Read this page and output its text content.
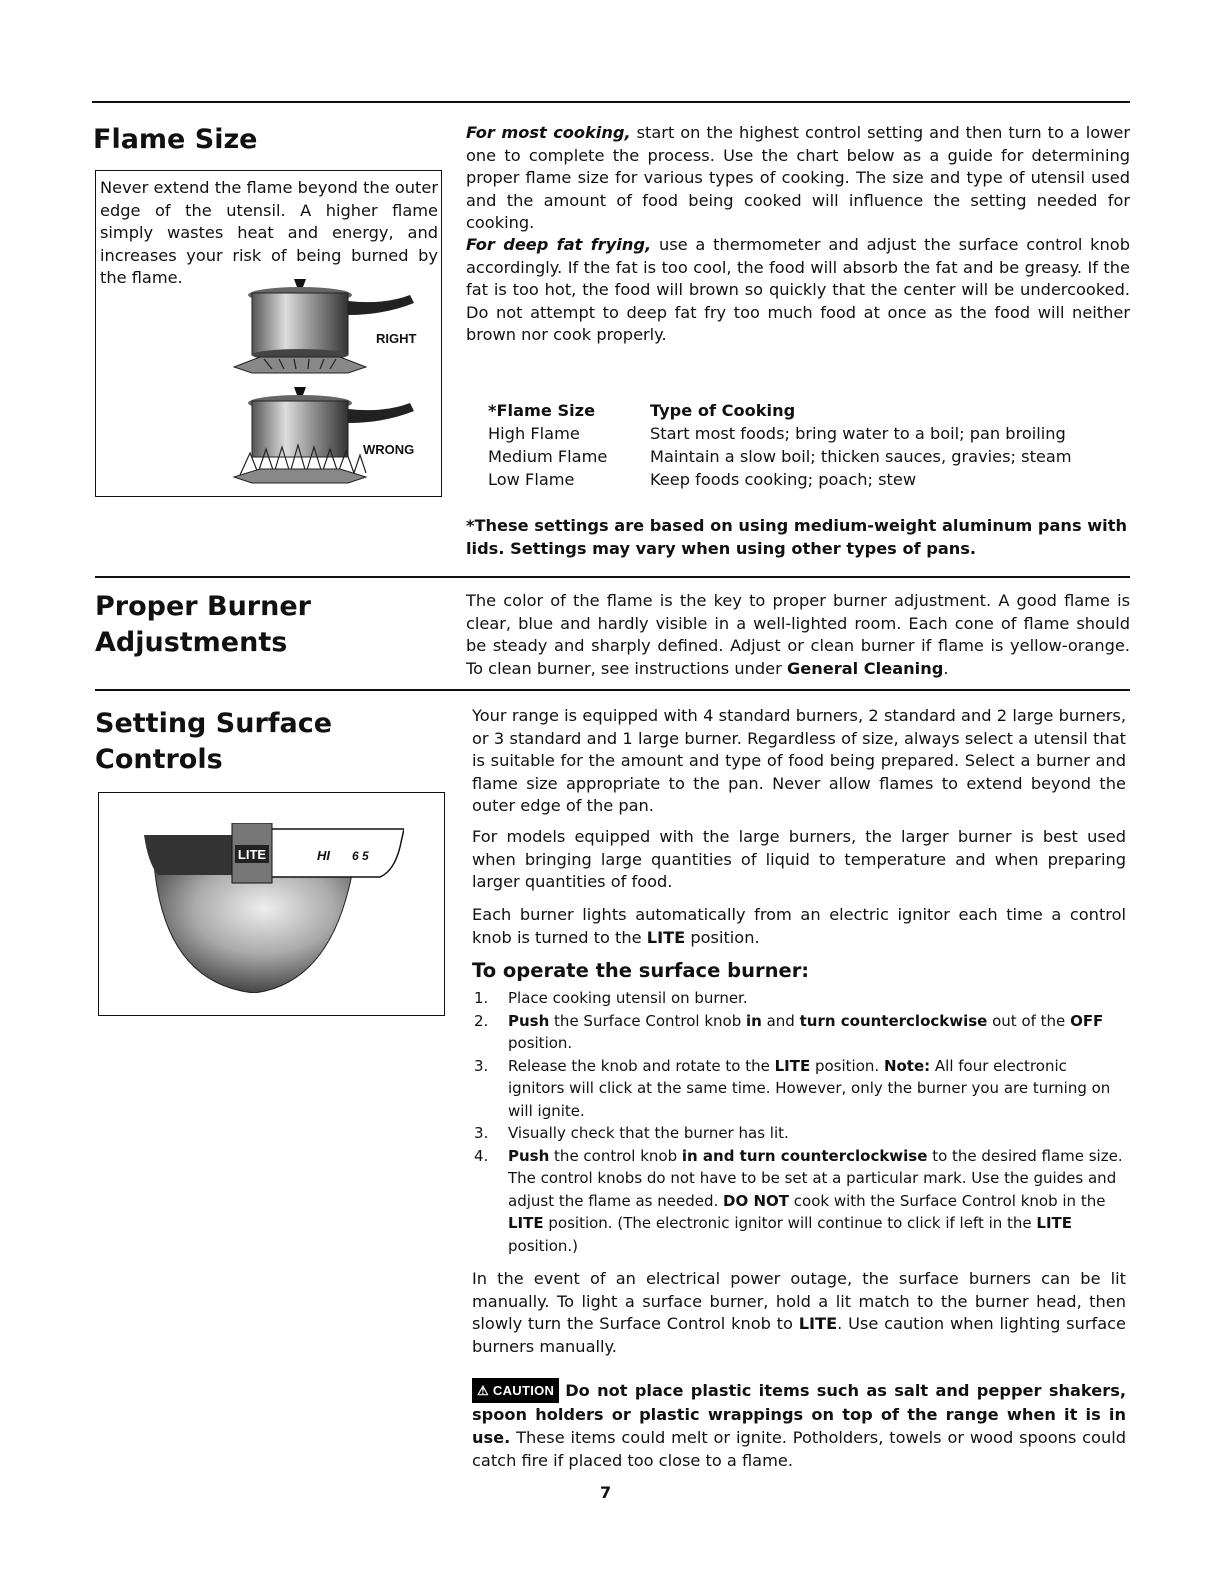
Flame Size
Never extend the flame beyond the outer edge of the utensil. A higher flame simply wastes heat and energy, and increases your risk of being burned by the flame.
RIGHT
WRONG

For most cooking, start on the highest control setting and then turn to a lower one to complete the process. Use the chart below as a guide for determining proper flame size for various types of cooking. The size and type of utensil used and the amount of food being cooked will influence the setting needed for cooking.

For deep fat frying, use a thermometer and adjust the surface control knob accordingly. If the fat is too cool, the food will absorb the fat and be greasy. If the fat is too hot, the food will brown so quickly that the center will be undercooked. Do not attempt to deep fat fry too much food at once as the food will neither brown nor cook properly.

*Flame Size	Type of Cooking
High Flame	Start most foods; bring water to a boil; pan broiling
Medium Flame	Maintain a slow boil; thicken sauces, gravies; steam
Low Flame	Keep foods cooking; poach; stew
*These settings are based on using medium-weight aluminum pans with lids. Settings may vary when using other types of pans.
Proper Burner
Adjustments

The color of the flame is the key to proper burner adjustment. A good flame is clear, blue and hardly visible in a well-lighted room. Each cone of flame should be steady and sharply defined. Adjust or clean burner if flame is yellow-orange. To clean burner, see instructions under General Cleaning.

Setting Surface
Controls
LITE	HI 6 5

Your range is equipped with 4 standard burners, 2 standard and 2 large burners, or 3 standard and 1 large burner. Regardless of size, always select a utensil that is suitable for the amount and type of food being prepared. Select a burner and flame size appropriate to the pan. Never allow flames to extend beyond the outer edge of the pan.

For models equipped with the large burners, the larger burner is best used when bringing large quantities of liquid to temperature and when preparing larger quantities of food.

Each burner lights automatically from an electric ignitor each time a control knob is turned to the LITE position.

To operate the surface burner:
1. Place cooking utensil on burner.
2. Push the Surface Control knob in and turn counterclockwise out of the OFF position.
3. Release the knob and rotate to the LITE position. Note: All four electronic ignitors will click at the same time. However, only the burner you are turning on will ignite.
3. Visually check that the burner has lit.
4. Push the control knob in and turn counterclockwise to the desired flame size. The control knobs do not have to be set at a particular mark. Use the guides and adjust the flame as needed. DO NOT cook with the Surface Control knob in the LITE position. (The electronic ignitor will continue to click if left in the LITE position.)

In the event of an electrical power outage, the surface burners can be lit manually. To light a surface burner, hold a lit match to the burner head, then slowly turn the Surface Control knob to LITE. Use caution when lighting surface burners manually.

⚠ CAUTION Do not place plastic items such as salt and pepper shakers, spoon holders or plastic wrappings on top of the range when it is in use. These items could melt or ignite. Potholders, towels or wood spoons could catch fire if placed too close to a flame.

7
